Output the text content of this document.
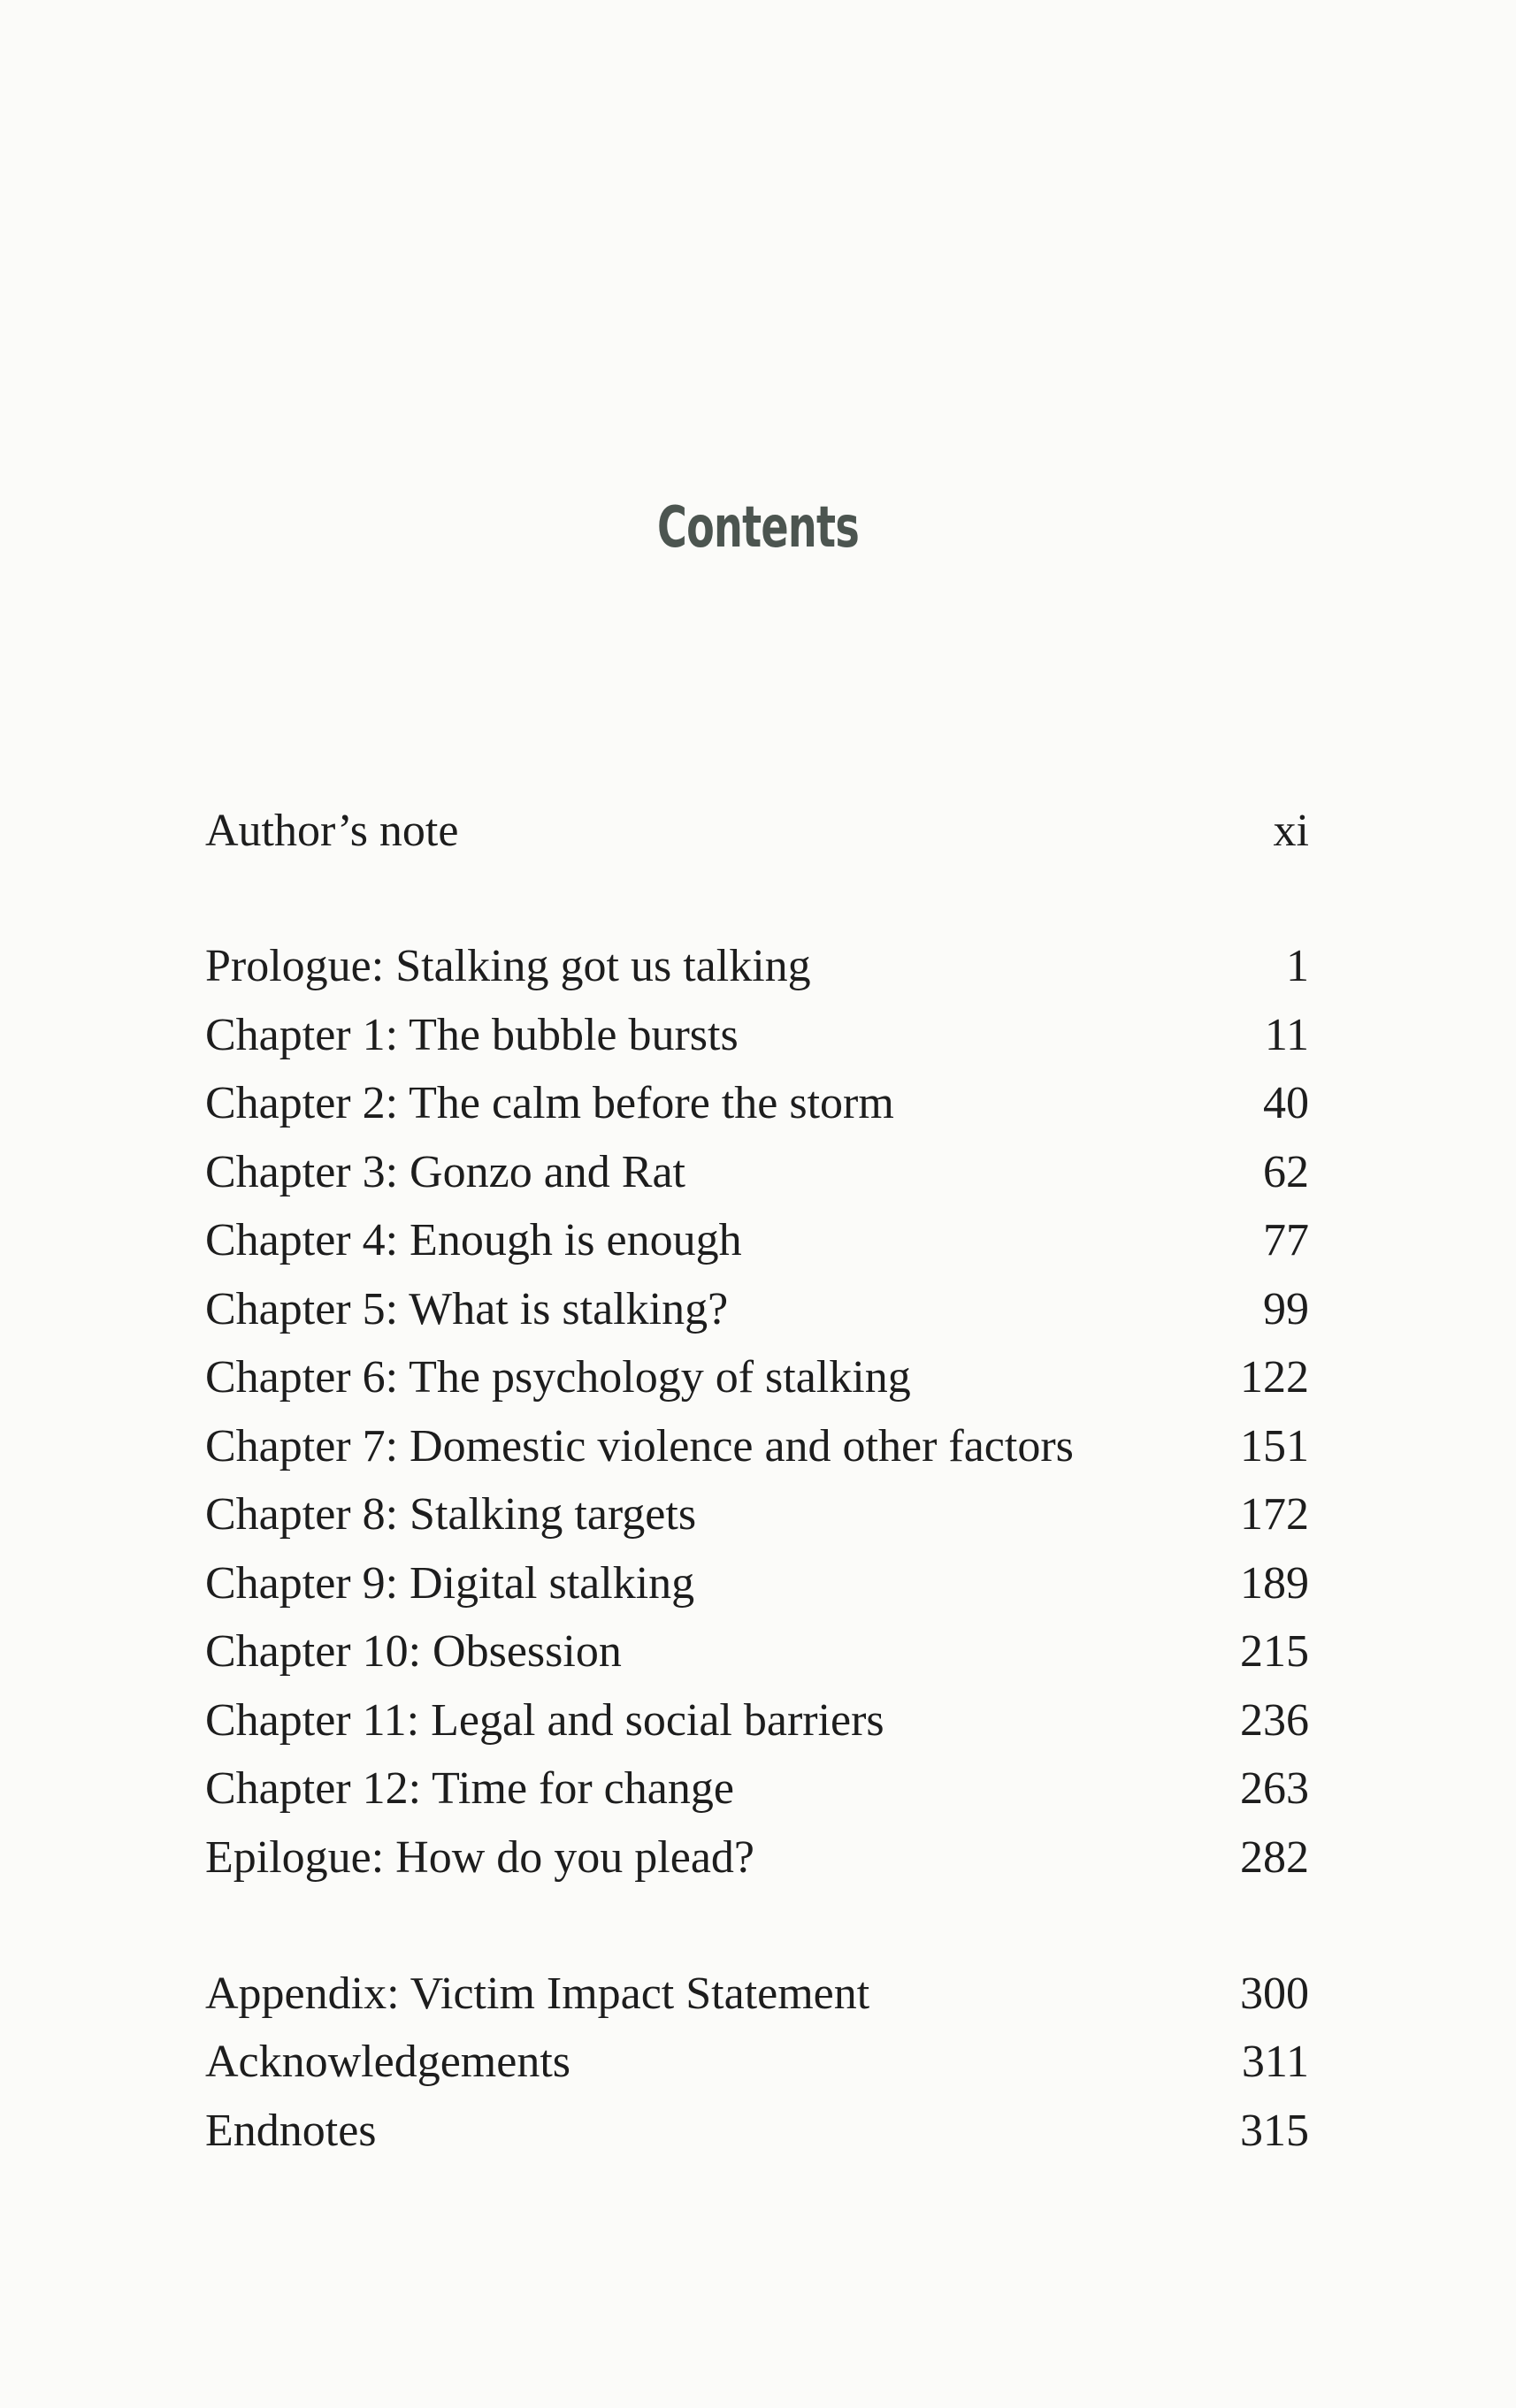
Contents
Author’s note	xi
Prologue: Stalking got us talking	1
Chapter 1: The bubble bursts	11
Chapter 2: The calm before the storm	40
Chapter 3: Gonzo and Rat	62
Chapter 4: Enough is enough	77
Chapter 5: What is stalking?	99
Chapter 6: The psychology of stalking	122
Chapter 7: Domestic violence and other factors	151
Chapter 8: Stalking targets	172
Chapter 9: Digital stalking	189
Chapter 10: Obsession	215
Chapter 11: Legal and social barriers	236
Chapter 12: Time for change	263
Epilogue: How do you plead?	282
Appendix: Victim Impact Statement	300
Acknowledgements	311
Endnotes	315
